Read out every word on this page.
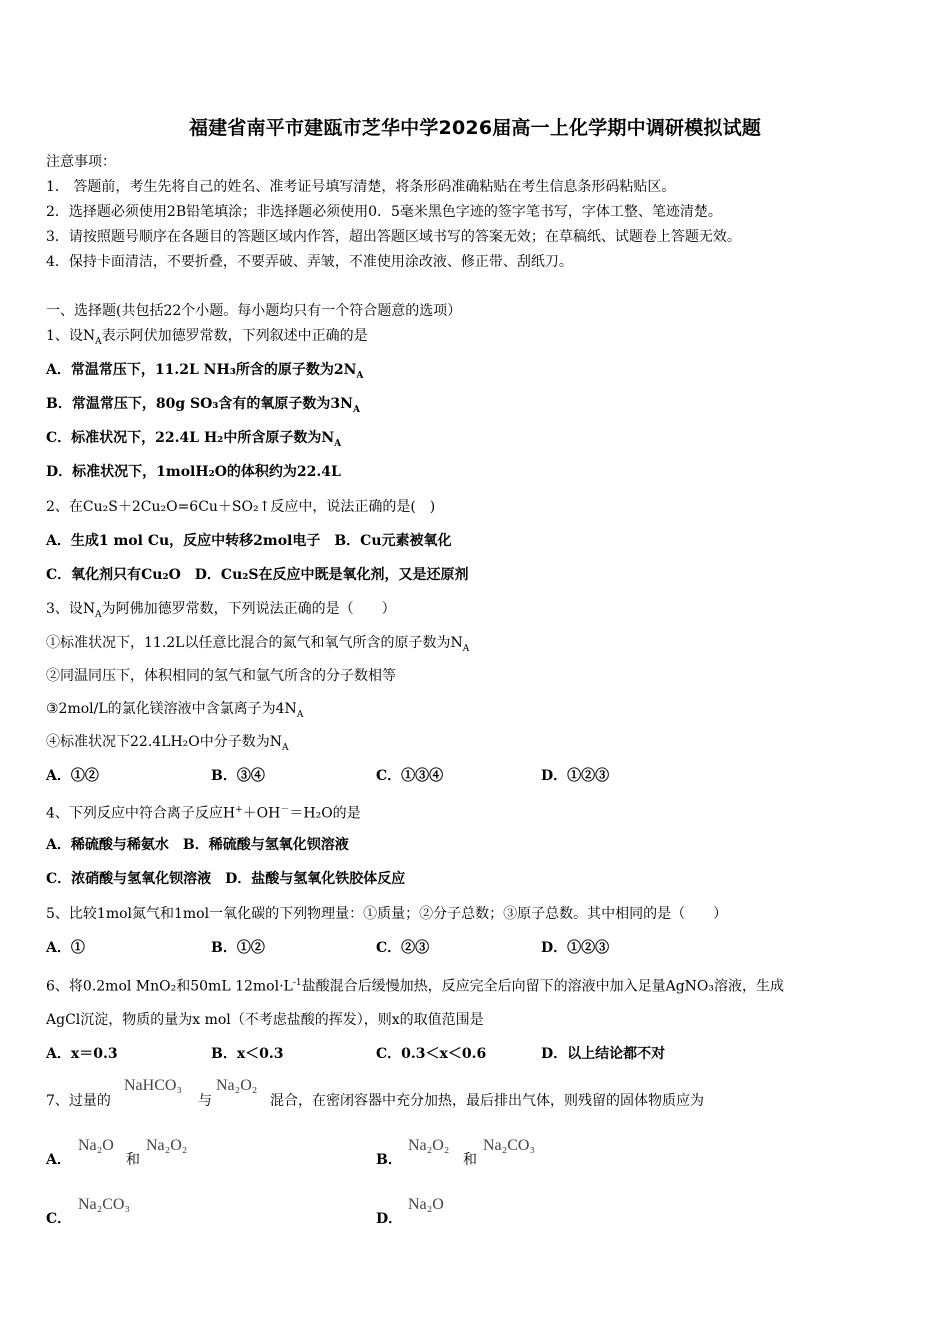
福建省南平市建瓯市芝华中学2026届高一上化学期中调研模拟试题
注意事项：
1． 答题前，考生先将自己的姓名、准考证号填写清楚，将条形码准确粘贴在考生信息条形码粘贴区。
2．选择题必须使用2B铅笔填涂；非选择题必须使用0．5毫米黑色字迹的签字笔书写，字体工整、笔迹清楚。
3．请按照题号顺序在各题目的答题区域内作答，超出答题区域书写的答案无效；在草稿纸、试题卷上答题无效。
4．保持卡面清洁，不要折叠，不要弄破、弄皱，不准使用涂改液、修正带、刮纸刀。
一、选择题(共包括22个小题。每小题均只有一个符合题意的选项）
1、设$N_A$表示阿伏加德罗常数，下列叙述中正确的是
A．常温常压下，11.2L NH₃所含的原子数为$2N_A$
B．常温常压下，80g SO₃含有的氧原子数为$3N_A$
C．标准状况下，22.4L H₂中所含原子数为$N_A$
D．标准状况下，1molH₂O的体积约为22.4L
2、在Cu₂S＋2Cu₂O=6Cu＋SO₂↑反应中，说法正确的是(　)
A．生成1 mol Cu，反应中转移2mol电子　B．Cu元素被氧化
C．氧化剂只有Cu₂O　D．Cu₂S在反应中既是氧化剂，又是还原剂
3、设$N_A$为阿佛加德罗常数，下列说法正确的是（　　）
①标准状况下，11.2L以任意比混合的氮气和氧气所含的原子数为$N_A$
②同温同压下，体积相同的氢气和氩气所含的分子数相等
③2mol/L的氯化镁溶液中含氯离子为$4N_A$
④标准状况下22.4LH₂O中分子数为$N_A$
A．①②	B．③④	C．①③④	D．①②③
4、下列反应中符合离子反应H+＋OH－＝H₂O的是
A．稀硫酸与稀氨水　B．稀硫酸与氢氧化钡溶液
C．浓硝酸与氢氧化钡溶液　D．盐酸与氢氧化铁胶体反应
5、比较1mol氮气和1mol一氧化碳的下列物理量：①质量；②分子总数；③原子总数。其中相同的是（　　）
A．①	B．①②	C．②③	D．①②③
6、将0.2mol MnO₂和50mL $12mol\cdot L^{-1}$盐酸混合后缓慢加热，反应完全后向留下的溶液中加入足量AgNO₃溶液，生成
AgCl沉淀，物质的量为x mol（不考虑盐酸的挥发），则x的取值范围是
A．x＝0.3	B．x＜0.3	C．0.3＜x＜0.6	D．以上结论都不对
7、过量的
NaHCO₃
与
Na₂O₂
混合，在密闭容器中充分加热，最后排出气体，则残留的固体物质应为
A．
Na₂O
和
Na₂O₂
B．
Na₂O₂
和
Na₂CO₃
C．
Na₂CO₃
D．
Na₂O
